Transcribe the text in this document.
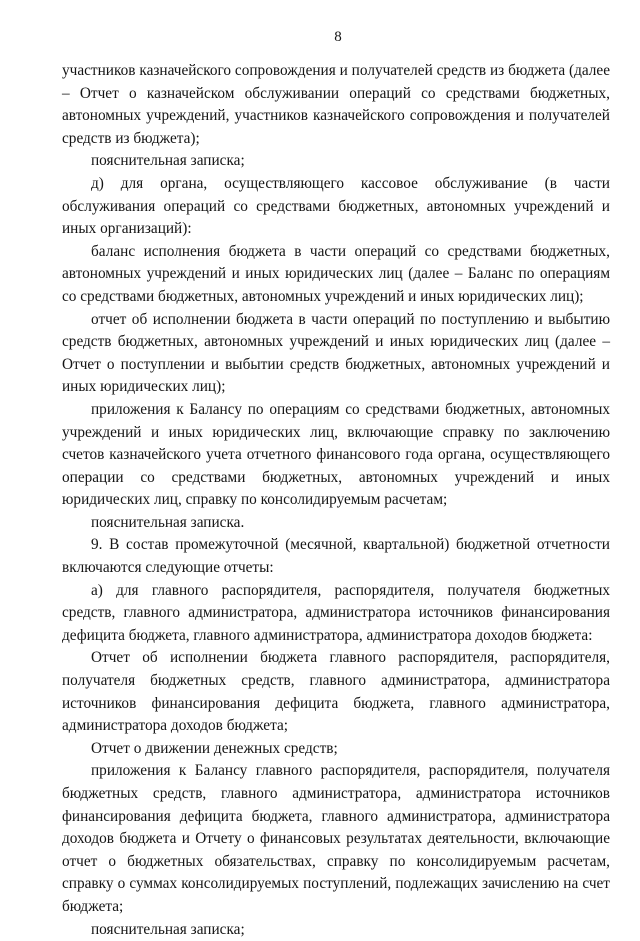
8

участников казначейского сопровождения и получателей средств из бюджета (далее – Отчет о казначейском обслуживании операций со средствами бюджетных, автономных учреждений, участников казначейского сопровождения и получателей средств из бюджета);

пояснительная записка;

д) для органа, осуществляющего кассовое обслуживание (в части обслуживания операций со средствами бюджетных, автономных учреждений и иных организаций):

баланс исполнения бюджета в части операций со средствами бюджетных, автономных учреждений и иных юридических лиц (далее – Баланс по операциям со средствами бюджетных, автономных учреждений и иных юридических лиц);

отчет об исполнении бюджета в части операций по поступлению и выбытию средств бюджетных, автономных учреждений и иных юридических лиц (далее – Отчет о поступлении и выбытии средств бюджетных, автономных учреждений и иных юридических лиц);

приложения к Балансу по операциям со средствами бюджетных, автономных учреждений и иных юридических лиц, включающие справку по заключению счетов казначейского учета отчетного финансового года органа, осуществляющего операции со средствами бюджетных, автономных учреждений и иных юридических лиц, справку по консолидируемым расчетам;

пояснительная записка.

9. В состав промежуточной (месячной, квартальной) бюджетной отчетности включаются следующие отчеты:

а) для главного распорядителя, распорядителя, получателя бюджетных средств, главного администратора, администратора источников финансирования дефицита бюджета, главного администратора, администратора доходов бюджета:

Отчет об исполнении бюджета главного распорядителя, распорядителя, получателя бюджетных средств, главного администратора, администратора источников финансирования дефицита бюджета, главного администратора, администратора доходов бюджета;

Отчет о движении денежных средств;

приложения к Балансу главного распорядителя, распорядителя, получателя бюджетных средств, главного администратора, администратора источников финансирования дефицита бюджета, главного администратора, администратора доходов бюджета и Отчету о финансовых результатах деятельности, включающие отчет о бюджетных обязательствах, справку по консолидируемым расчетам, справку о суммах консолидируемых поступлений, подлежащих зачислению на счет бюджета;

пояснительная записка;
